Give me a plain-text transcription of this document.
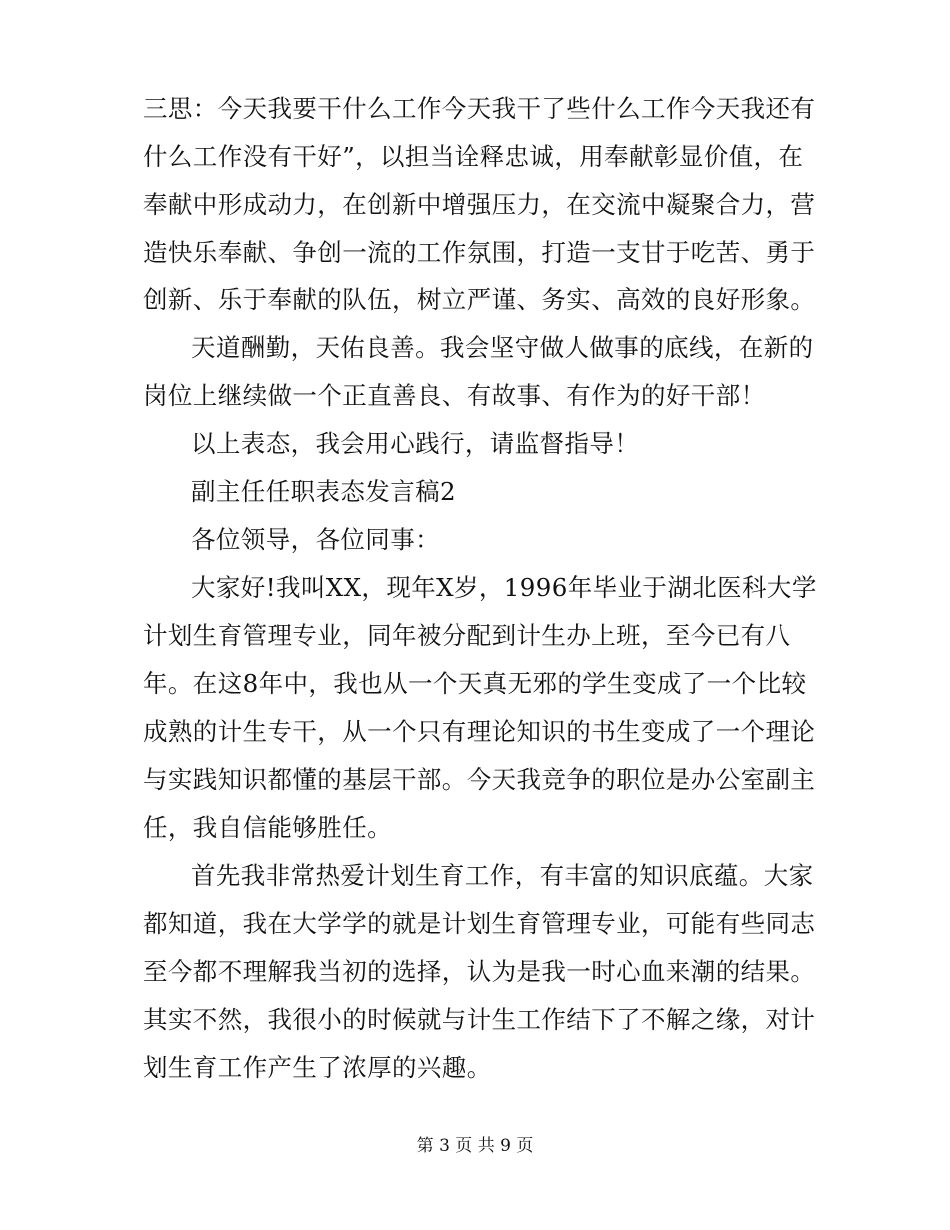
三思：今天我要干什么工作今天我干了些什么工作今天我还有
什么工作没有干好”，以担当诠释忠诚，用奉献彰显价值，在
奉献中形成动力，在创新中增强压力，在交流中凝聚合力，营
造快乐奉献、争创一流的工作氛围，打造一支甘于吃苦、勇于
创新、乐于奉献的队伍，树立严谨、务实、高效的良好形象。
天道酬勤，天佑良善。我会坚守做人做事的底线，在新的
岗位上继续做一个正直善良、有故事、有作为的好干部！
以上表态，我会用心践行，请监督指导！
副主任任职表态发言稿2
各位领导，各位同事：
大家好!我叫XX，现年X岁，1996年毕业于湖北医科大学
计划生育管理专业，同年被分配到计生办上班，至今已有八
年。在这8年中，我也从一个天真无邪的学生变成了一个比较
成熟的计生专干，从一个只有理论知识的书生变成了一个理论
与实践知识都懂的基层干部。今天我竞争的职位是办公室副主
任，我自信能够胜任。
首先我非常热爱计划生育工作，有丰富的知识底蕴。大家
都知道，我在大学学的就是计划生育管理专业，可能有些同志
至今都不理解我当初的选择，认为是我一时心血来潮的结果。
其实不然，我很小的时候就与计生工作结下了不解之缘，对计
划生育工作产生了浓厚的兴趣。
第 3 页 共 9 页
